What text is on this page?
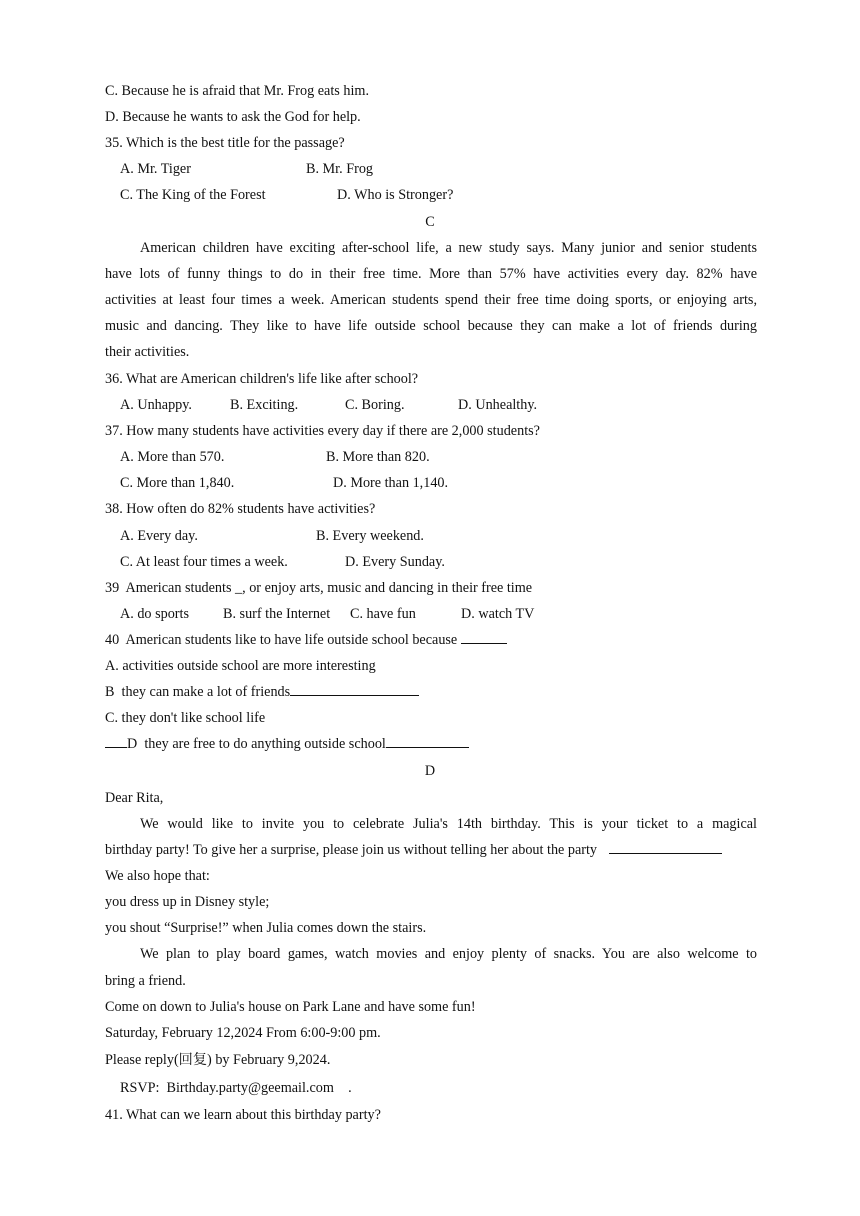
C. Because he is afraid that Mr. Frog eats him.
D. Because he wants to ask the God for help.
35. Which is the best title for the passage?
A. Mr. Tiger	B. Mr. Frog
C. The King of the Forest	D. Who is Stronger?
C
American children have exciting after-school life, a new study says. Many junior and senior students
have lots of funny things to do in their free time. More than 57% have activities every day. 82% have
activities at least four times a week. American students spend their free time doing sports, or enjoying arts,
music and dancing. They like to have life outside school because they can make a lot of friends during
their activities.
36. What are American children's life like after school?
A. Unhappy.	B. Exciting.	C. Boring.	D. Unhealthy.
37. How many students have activities every day if there are 2,000 students?
A. More than 570.	B. More than 820.
C. More than 1,840.	D. More than 1,140.
38. How often do 82% students have activities?
A. Every day.	B. Every weekend.
C. At least four times a week.	D. Every Sunday.
39  American students _, or enjoy arts, music and dancing in their free time
A. do sports B. surf the Internet C. have fun	D. watch TV
40  American students like to have life outside school because
A. activities outside school are more interesting
B  they can make a lot of friends
C. they don't like school life
D  they are free to do anything outside school
D
Dear Rita,
We would like to invite you to celebrate Julia's 14th birthday. This is your ticket to a magical
birthday party! To give her a surprise, please join us without telling her about the party
We also hope that:
you dress up in Disney style;
you shout “Surprise!” when Julia comes down the stairs.
We plan to play board games, watch movies and enjoy plenty of snacks. You are also welcome to
bring a friend.
Come on down to Julia's house on Park Lane and have some fun!
Saturday, February 12,2024 From 6:00-9:00 pm.
Please reply(回复) by February 9,2024.
RSVP:  Birthday.party@geemail.com    .
41. What can we learn about this birthday party?
